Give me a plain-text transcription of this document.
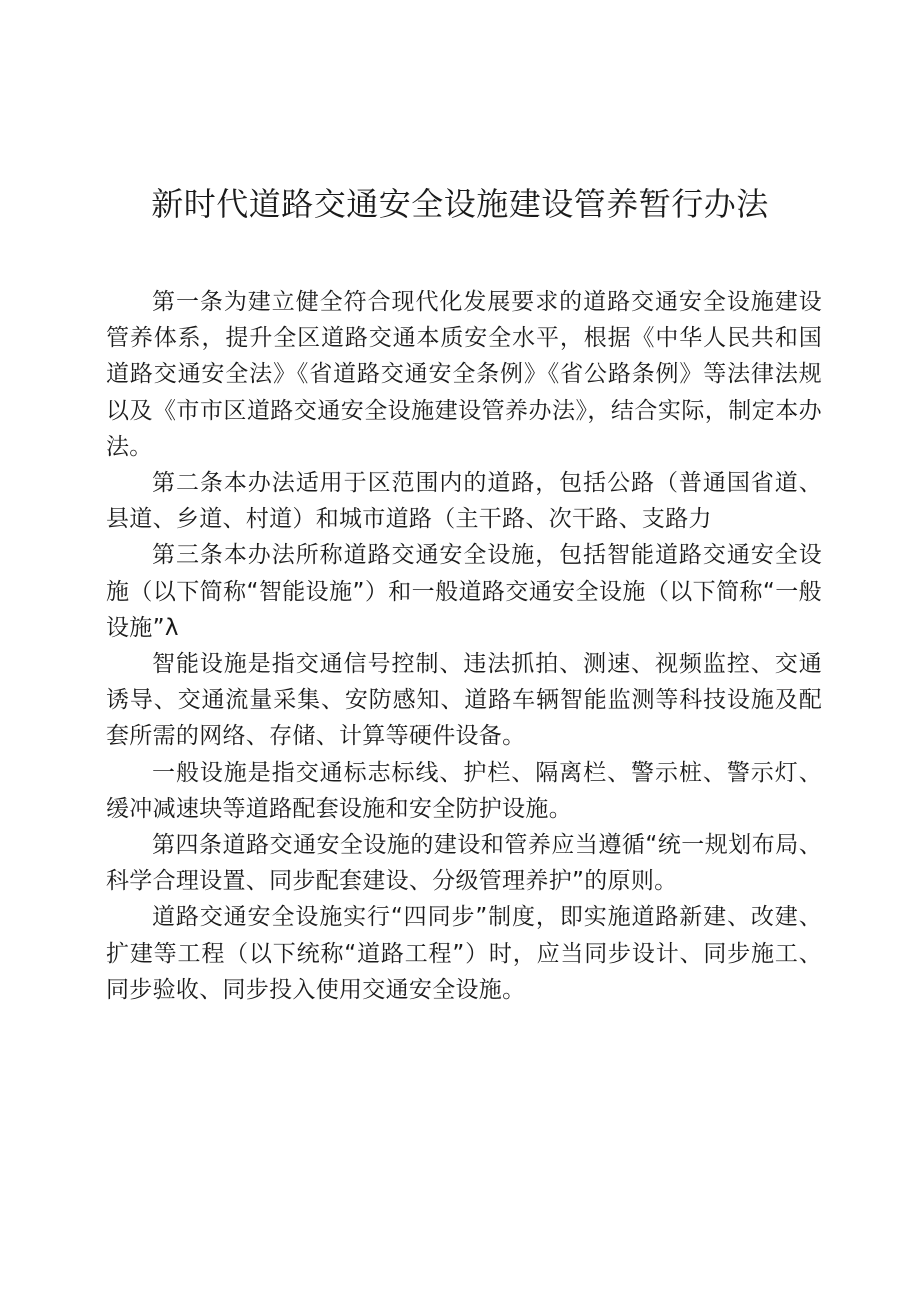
新时代道路交通安全设施建设管养暂行办法

第一条为建立健全符合现代化发展要求的道路交通安全设施建设管养体系，提升全区道路交通本质安全水平，根据《中华人民共和国道路交通安全法》《省道路交通安全条例》《省公路条例》等法律法规以及《市市区道路交通安全设施建设管养办法》，结合实际，制定本办法。

第二条本办法适用于区范围内的道路，包括公路（普通国省道、县道、乡道、村道）和城市道路（主干路、次干路、支路力

第三条本办法所称道路交通安全设施，包括智能道路交通安全设施（以下简称“智能设施”）和一般道路交通安全设施（以下简称“一般设施”λ

智能设施是指交通信号控制、违法抓拍、测速、视频监控、交通诱导、交通流量采集、安防感知、道路车辆智能监测等科技设施及配套所需的网络、存储、计算等硬件设备。

一般设施是指交通标志标线、护栏、隔离栏、警示桩、警示灯、缓冲减速块等道路配套设施和安全防护设施。

第四条道路交通安全设施的建设和管养应当遵循“统一规划布局、科学合理设置、同步配套建设、分级管理养护”的原则。

道路交通安全设施实行“四同步”制度，即实施道路新建、改建、扩建等工程（以下统称“道路工程”）时，应当同步设计、同步施工、同步验收、同步投入使用交通安全设施。
